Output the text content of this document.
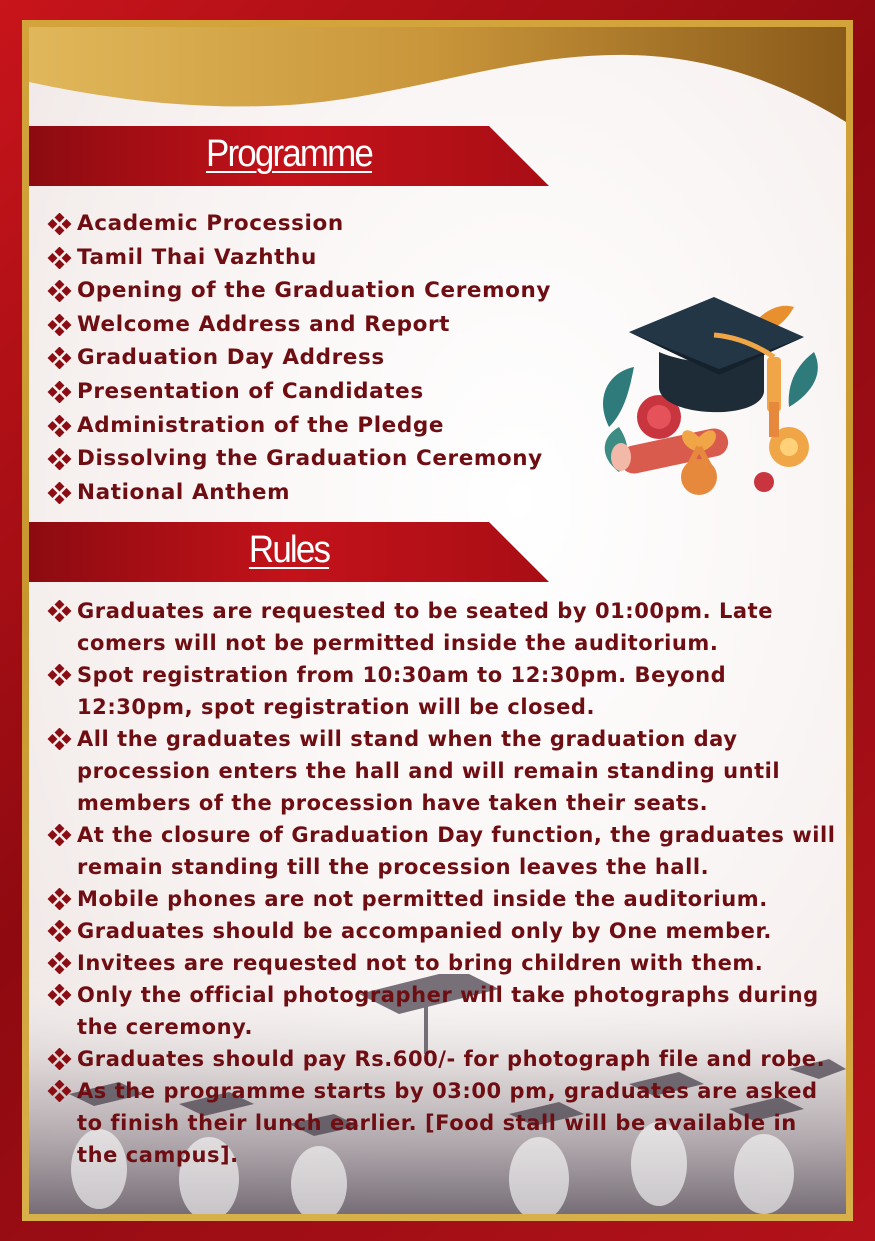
Programme
Academic Procession
Tamil Thai Vazhthu
Opening of the Graduation Ceremony
Welcome Address and Report
Graduation Day Address
Presentation of Candidates
Administration of the Pledge
Dissolving the Graduation Ceremony
National Anthem
Rules
Graduates are requested to be seated by 01:00pm. Late comers will not be permitted inside the auditorium.
Spot registration from 10:30am to 12:30pm. Beyond 12:30pm, spot registration will be closed.
All the graduates will stand when the graduation day procession enters the hall and will remain standing until members of the procession have taken their seats.
At the closure of Graduation Day function, the graduates will remain standing till the procession leaves the hall.
Mobile phones are not permitted inside the auditorium.
Graduates should be accompanied only by One member.
Invitees are requested not to bring children with them.
Only the official photographer will take photographs during the ceremony.
Graduates should pay Rs.600/- for photograph file and robe.
As the programme starts by 03:00 pm, graduates are asked to finish their lunch earlier. [Food stall will be available in the campus].
